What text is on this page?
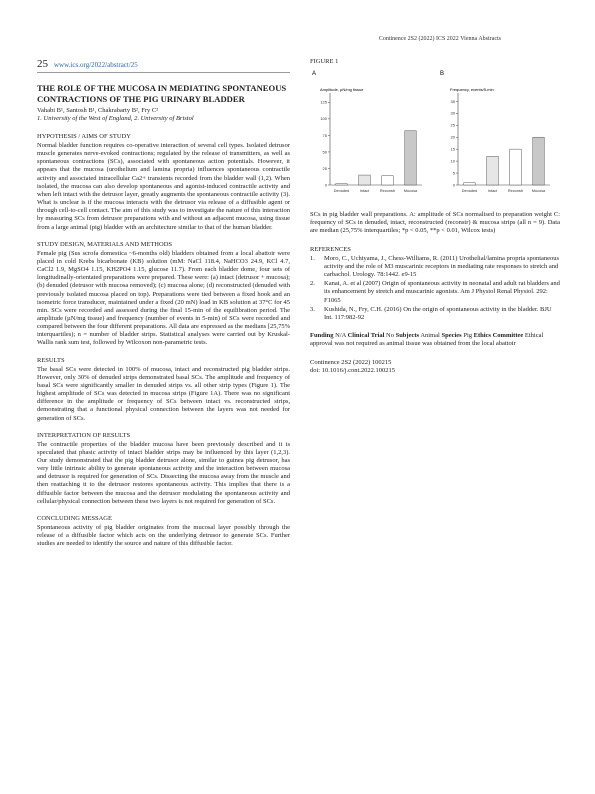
Continence 2S2 (2022) ICS 2022 Vienna Abstracts
25 www.ics.org/2022/abstract/25
THE ROLE OF THE MUCOSA IN MEDIATING SPONTANEOUS CONTRACTIONS OF THE PIG URINARY BLADDER
Vahabi B¹, Santosh B¹, Chakrabarty B², Fry C²
1. University of the West of England, 2. University of Bristol
HYPOTHESIS / AIMS OF STUDY

Normal bladder function requires co-operative interaction of several cell types. Isolated detrusor muscle generates nerve-evoked contractions; regulated by the release of transmitters, as well as spontaneous contractions (SCs), associated with spontaneous action potentials. However, it appears that the mucosa (urothelium and lamina propria) influences spontaneous contractile activity and associated intracellular Ca2+ transients recorded from the bladder wall (1,2). When isolated, the mucosa can also develop spontaneous and agonist-induced contractile activity and when left intact with the detrusor layer, greatly augments the spontaneous contractile activity (3). What is unclear is if the mucosa interacts with the detrusor via release of a diffusible agent or through cell-to-cell contact. The aim of this study was to investigate the nature of this interaction by measuring SCs from detrusor preparations with and without an adjacent mucosa, using tissue from a large animal (pig) bladder with an architecture similar to that of the human bladder.

STUDY DESIGN, MATERIALS AND METHODS

Female pig (Sus scrofa domestica ~6-months old) bladders obtained from a local abattoir were placed in cold Krebs bicarbonate (KB) solution (mM: NaCl 118.4, NaHCO3 24.9, KCl 4.7, CaCl2 1.9, MgSO4 1.15, KH2PO4 1.15, glucose 11.7). From each bladder dome, four sets of longitudinally-orientated preparations were prepared. These were: (a) intact (detrusor + mucosa); (b) denuded (detrusor with mucosa removed); (c) mucosa alone; (d) reconstructed (denuded with previously isolated mucosa placed on top). Preparations were tied between a fixed hook and an isometric force transducer, maintained under a fixed (20 mN) load in KB solution at 37°C for 45 min. SCs were recorded and assessed during the final 15-min of the equilibration period. The amplitude (µN/mg tissue) and frequency (number of events in 5-min) of SCs were recorded and compared between the four different preparations. All data are expressed as the medians [25,75% interquartiles); n = number of bladder strips. Statistical analyses were carried out by Kruskal-Wallis rank sum test, followed by Wilcoxon non-parametric tests.

RESULTS

The basal SCs were detected in 100% of mucosa, intact and reconstructed pig bladder strips. However, only 30% of denuded strips demonstrated basal SCs. The amplitude and frequency of basal SCs were significantly smaller in denuded strips vs. all other strip types (Figure 1). The highest amplitude of SCs was detected in mucosa strips (Figure 1A). There was no significant difference in the amplitude or frequency of SCs between intact vs. reconstructed strips, demonstrating that a functional physical connection between the layers was not needed for generation of SCs.

INTERPRETATION OF RESULTS

The contractile properties of the bladder mucosa have been previously described and it is speculated that phasic activity of intact bladder strips may be influenced by this layer (1,2,3). Our study demonstrated that the pig bladder detrusor alone, similar to guinea pig detrusor, has very little intrinsic ability to generate spontaneous activity and the interaction between mucosa and detrusor is required for generation of SCs. Dissecting the mucosa away from the muscle and then reattaching it to the detrusor restores spontaneous activity. This implies that there is a diffusible factor between the mucosa and the detrusor modulating the spontaneous activity and cellular/physical connection between these two layers is not required for generation of SCs.

CONCLUDING MESSAGE

Spontaneous activity of pig bladder originates from the mucosal layer possibly through the release of a diffusible factor which acts on the underlying detrusor to generate SCs. Further studies are needed to identify the source and nature of this diffusible factor.

FIGURE 1
A
Amplitude, µN/mg tissue
0
25
50
75
100
125
Denuded	Intact	Reconstr Mucosa
B
Frequency, events/5-min
0
5
10
15
20
25
30
35
Denuded	Intact	Reconstr Mucosa
SCs in pig bladder wall preparations. A: amplitude of SCs normalised to preparation weight C: frequency of SCs in denuded, intact, reconstructed (reconstr) & mucosa strips (all n = 9). Data are median (25,75% interquartiles; *p < 0.05, **p < 0.01, Wilcox tests)
REFERENCES
1.	Moro, C., Uchiyama, J., Chess-Williams, R. (2011) Urothelial/lamina propria spontaneous activity and the role of M3 muscarinic receptors in mediating rate responses to stretch and carbachol. Urology. 78:1442. e9-15
2.	Kanai, A. et al (2007) Origin of spontaneous activity in neonatal and adult rat bladders and its enhancement by stretch and muscarinic agonists. Am J Physiol Renal Physiol. 292: F1065
3.	Kushida, N., Fry, C.H. (2016) On the origin of spontaneous activity in the bladder. BJU Int. 117:982-92
Funding N/A Clinical Trial No Subjects Animal Species Pig Ethics Committee Ethical approval was not required as animal tissue was obtained from the local abattoir
Continence 2S2 (2022) 100215
doi: 10.1016/j.cont.2022.100215
